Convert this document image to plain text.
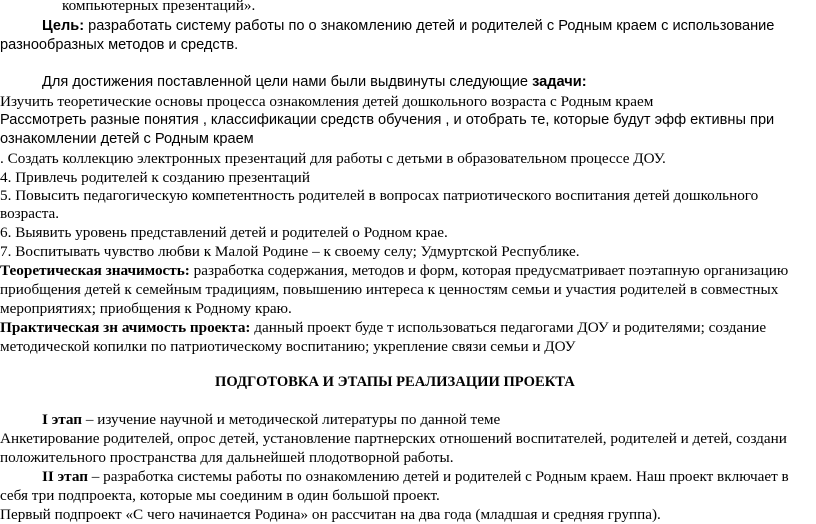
компьютерных презентаций».
Цель: разработать систему работы по о знакомлению детей и родителей с Родным краем с использование
разнообразных методов и средств.
Для достижения поставленной цели нами были выдвинуты следующие задачи:
Изучить теоретические основы процесса ознакомления детей дошкольного возраста с Родным краем
Рассмотреть разные понятия , классификации средств обучения , и отобрать те, которые будут эфф ективны при
ознакомлении детей с Родным краем
. Создать коллекцию электронных презентаций для работы с детьми в образовательном процессе ДОУ.
4. Привлечь родителей к созданию презентаций
5. Повысить педагогическую компетентность родителей в вопросах патриотического воспитания детей дошкольного
возраста.
6. Выявить уровень представлений детей и родителей о Родном крае.
7. Воспитывать чувство любви к Малой Родине – к своему селу; Удмуртской Республике.
Теоретическая значимость: разработка содержания, методов и форм, которая предусматривает поэтапную организацию
приобщения детей к семейным традициям, повышению интереса к ценностям семьи и участия родителей в совместных
мероприятиях; приобщения к Родному краю.
Практическая зн ачимость проекта: данный проект буде т использоваться педагогами ДОУ и родителями; создание
методической копилки по патриотическому воспитанию; укрепление связи семьи и ДОУ
ПОДГОТОВКА И ЭТАПЫ РЕАЛИЗАЦИИ ПРОЕКТА
I этап – изучение научной и методической литературы по данной теме
Анкетирование родителей, опрос детей, установление партнерских отношений воспитателей, родителей и детей, создани
положительного пространства для дальнейшей плодотворной работы.
II этап – разработка системы работы по ознакомлению детей и родителей с Родным краем. Наш проект включает в
себя три подпроекта, которые мы соединим в один большой проект.
Первый подпроект «С чего начинается Родина» он рассчитан на два года (младшая и средняя группа).
